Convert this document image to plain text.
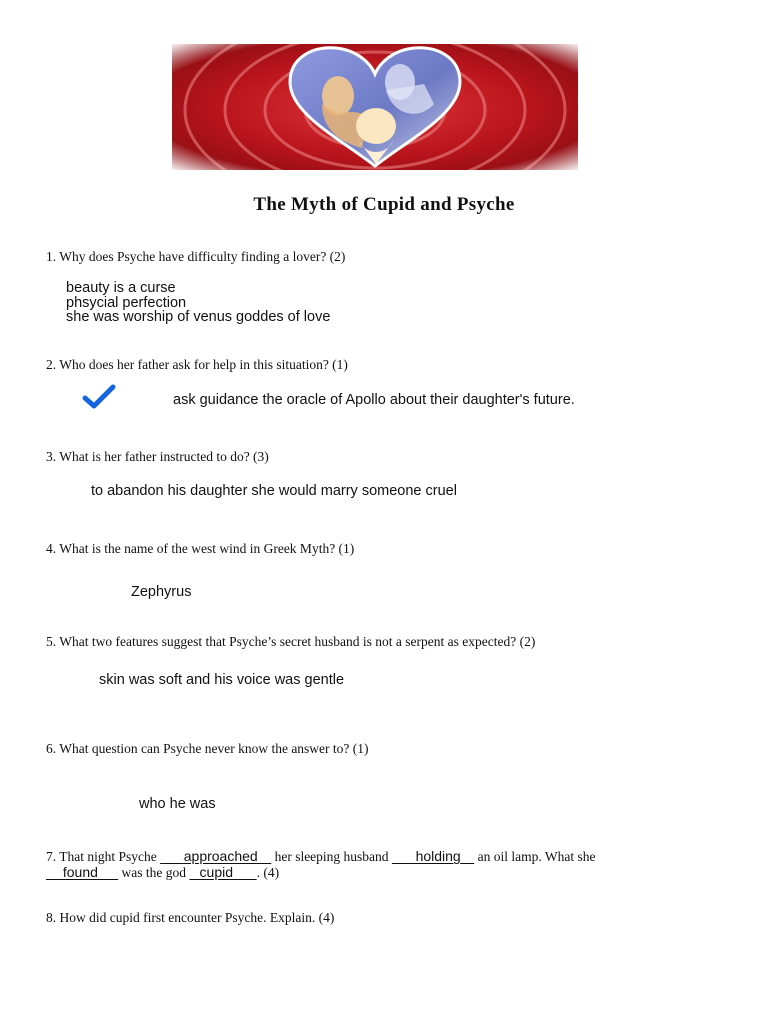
The Myth of Cupid and Psyche
1. Why does Psyche have difficulty finding a lover? (2)
beauty is a curse
phsycial perfection
she was worship of venus goddes of love
2. Who does her father ask for help in this situation? (1)
ask guidance the oracle of Apollo about their daughter's future.
3. What is her father instructed to do? (3)
to abandon his daughter she would marry someone cruel
4. What is the name of the west wind in Greek Myth? (1)
Zephyrus
5. What two features suggest that Psyche’s secret husband is not a serpent as expected? (2)
skin was soft and his voice was gentle
6. What question can Psyche never know the answer to? (1)
who he was
7. That night Psyche        approached     her sleeping husband        holding     an oil lamp. What she
found       was the god    cupid . (4)
8. How did cupid first encounter Psyche. Explain. (4)
